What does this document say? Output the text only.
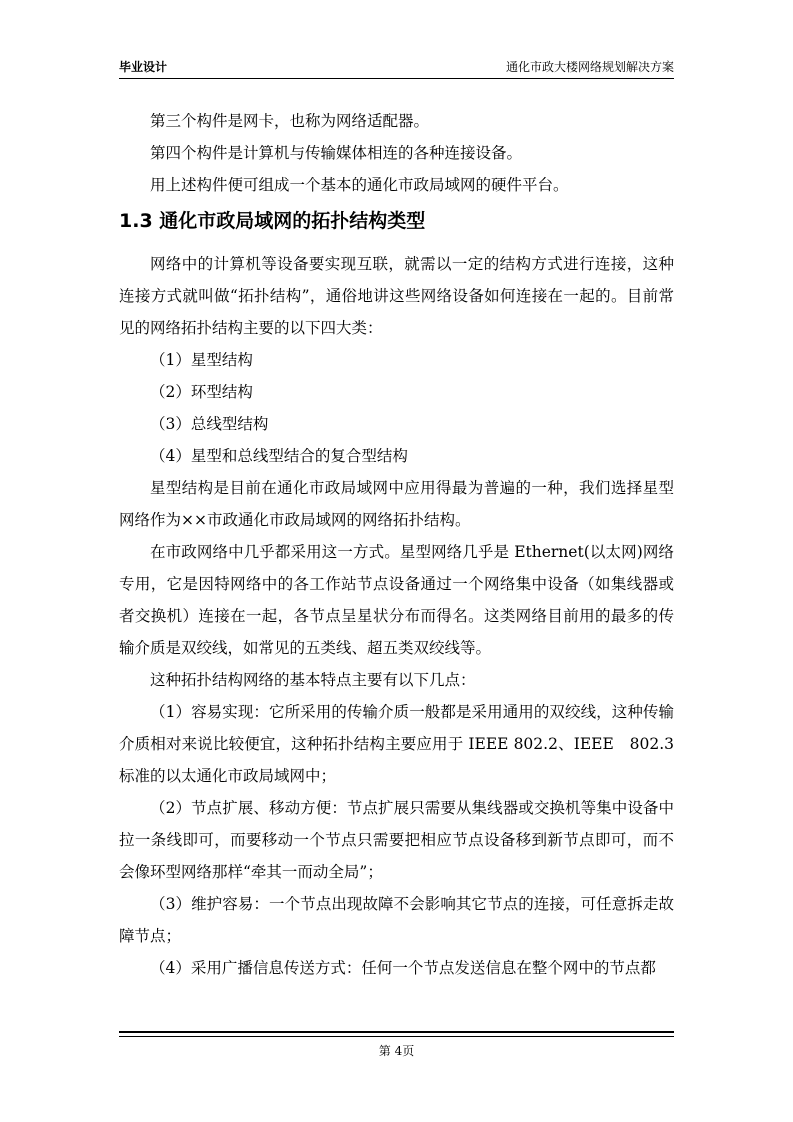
毕业设计	通化市政大楼网络规划解决方案

第三个构件是网卡，也称为网络适配器。

第四个构件是计算机与传输媒体相连的各种连接设备。

用上述构件便可组成一个基本的通化市政局域网的硬件平台。

1.3 通化市政局域网的拓扑结构类型

网络中的计算机等设备要实现互联，就需以一定的结构方式进行连接，这种连接方式就叫做“拓扑结构”，通俗地讲这些网络设备如何连接在一起的。目前常见的网络拓扑结构主要的以下四大类：

（1）星型结构

（2）环型结构

（3）总线型结构

（4）星型和总线型结合的复合型结构

星型结构是目前在通化市政局域网中应用得最为普遍的一种，我们选择星型网络作为××市政通化市政局域网的网络拓扑结构。

在市政网络中几乎都采用这一方式。星型网络几乎是 Ethernet(以太网)网络专用，它是因特网络中的各工作站节点设备通过一个网络集中设备（如集线器或者交换机）连接在一起，各节点呈星状分布而得名。这类网络目前用的最多的传输介质是双绞线，如常见的五类线、超五类双绞线等。

这种拓扑结构网络的基本特点主要有以下几点：

（1）容易实现：它所采用的传输介质一般都是采用通用的双绞线，这种传输介质相对来说比较便宜，这种拓扑结构主要应用于 IEEE 802.2、IEEE　802.3 标准的以太通化市政局域网中；

（2）节点扩展、移动方便：节点扩展只需要从集线器或交换机等集中设备中拉一条线即可，而要移动一个节点只需要把相应节点设备移到新节点即可，而不会像环型网络那样“牵其一而动全局”；

（3）维护容易：一个节点出现故障不会影响其它节点的连接，可任意拆走故障节点；

（4）采用广播信息传送方式：任何一个节点发送信息在整个网中的节点都

第 4页
